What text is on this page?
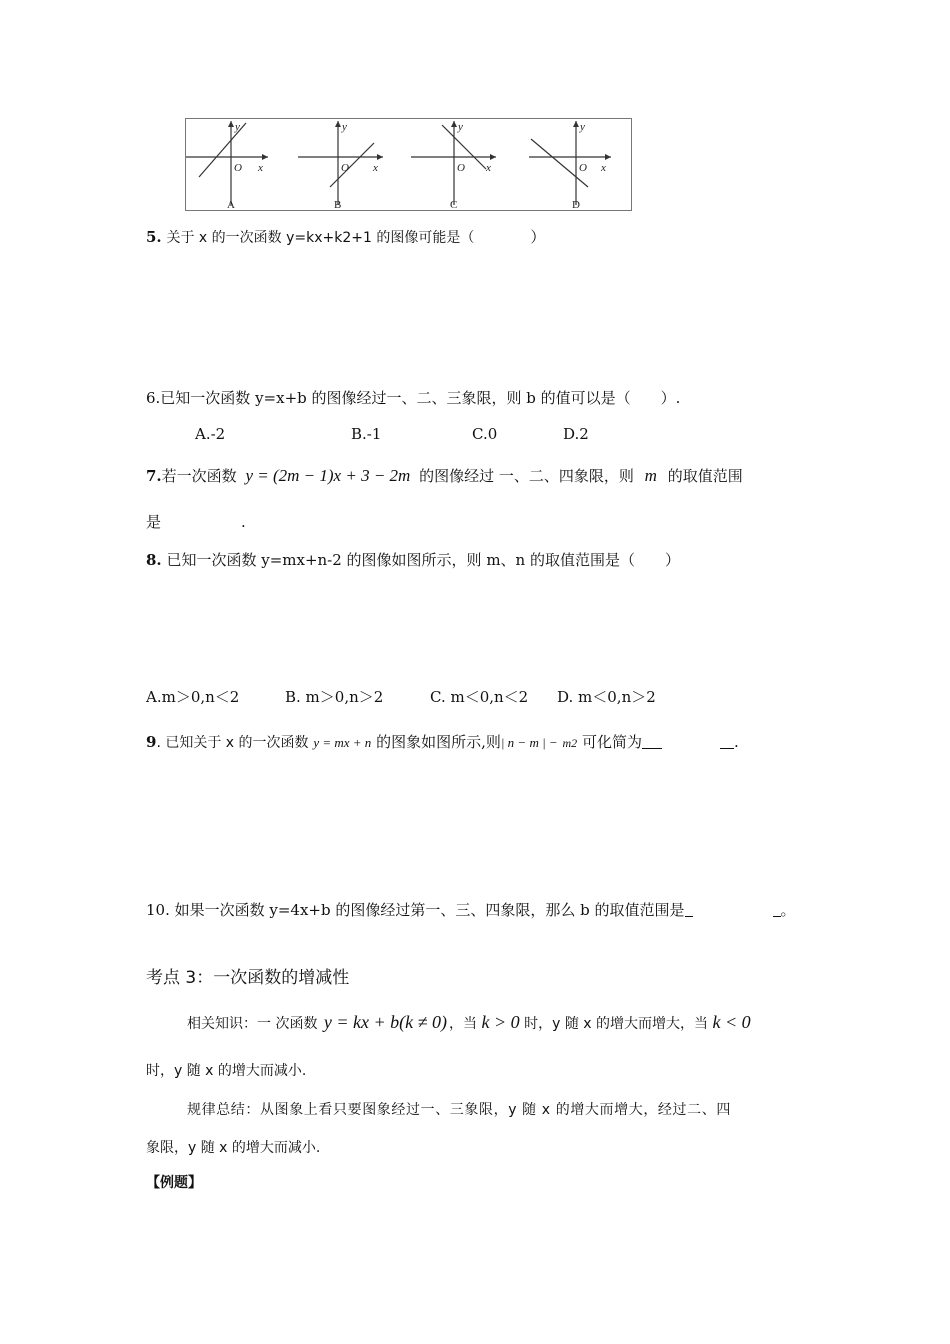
y
x
O
A
y
x
O
B
y
x
O
C
y
x
O
D
5. 关于 x 的一次函数 y=kx+k2+1 的图像可能是（	）
6.已知一次函数 y=x+b 的图像经过一、二、三象限，则 b 的值可以是（　　）.
A.-2	B.-1	C.0	D.2
7.若一次函数 y = (2m − 1)x + 3 − 2m 的图像经过 一、二、四象限，则 m 的取值范围
是	.
8. 已知一次函数 y=mx+n-2 的图像如图所示，则 m、n 的取值范围是（　　）
A.m＞0,n＜2	B. m＞0,n＞2	C. m＜0,n＜2 D. m＜0,n＞2
9. 已知关于 x 的一次函数 y = mx + n 的图象如图所示,则| n − m | − m2 可化简为	.
10. 如果一次函数 y=4x+b 的图像经过第一、三、四象限，那么 b 的取值范围是	。
考点 3：一次函数的增减性
相关知识：一 次函数 y = kx + b(k ≠ 0) ，当 k > 0 时，y 随 x 的增大而增大，当 k < 0
时，y 随 x 的增大而减小.
规律总结：从图象上看只要图象经过一、三象限，y 随 x 的增大而增大，经过二、四
象限，y 随 x 的增大而减小.
【例题】
